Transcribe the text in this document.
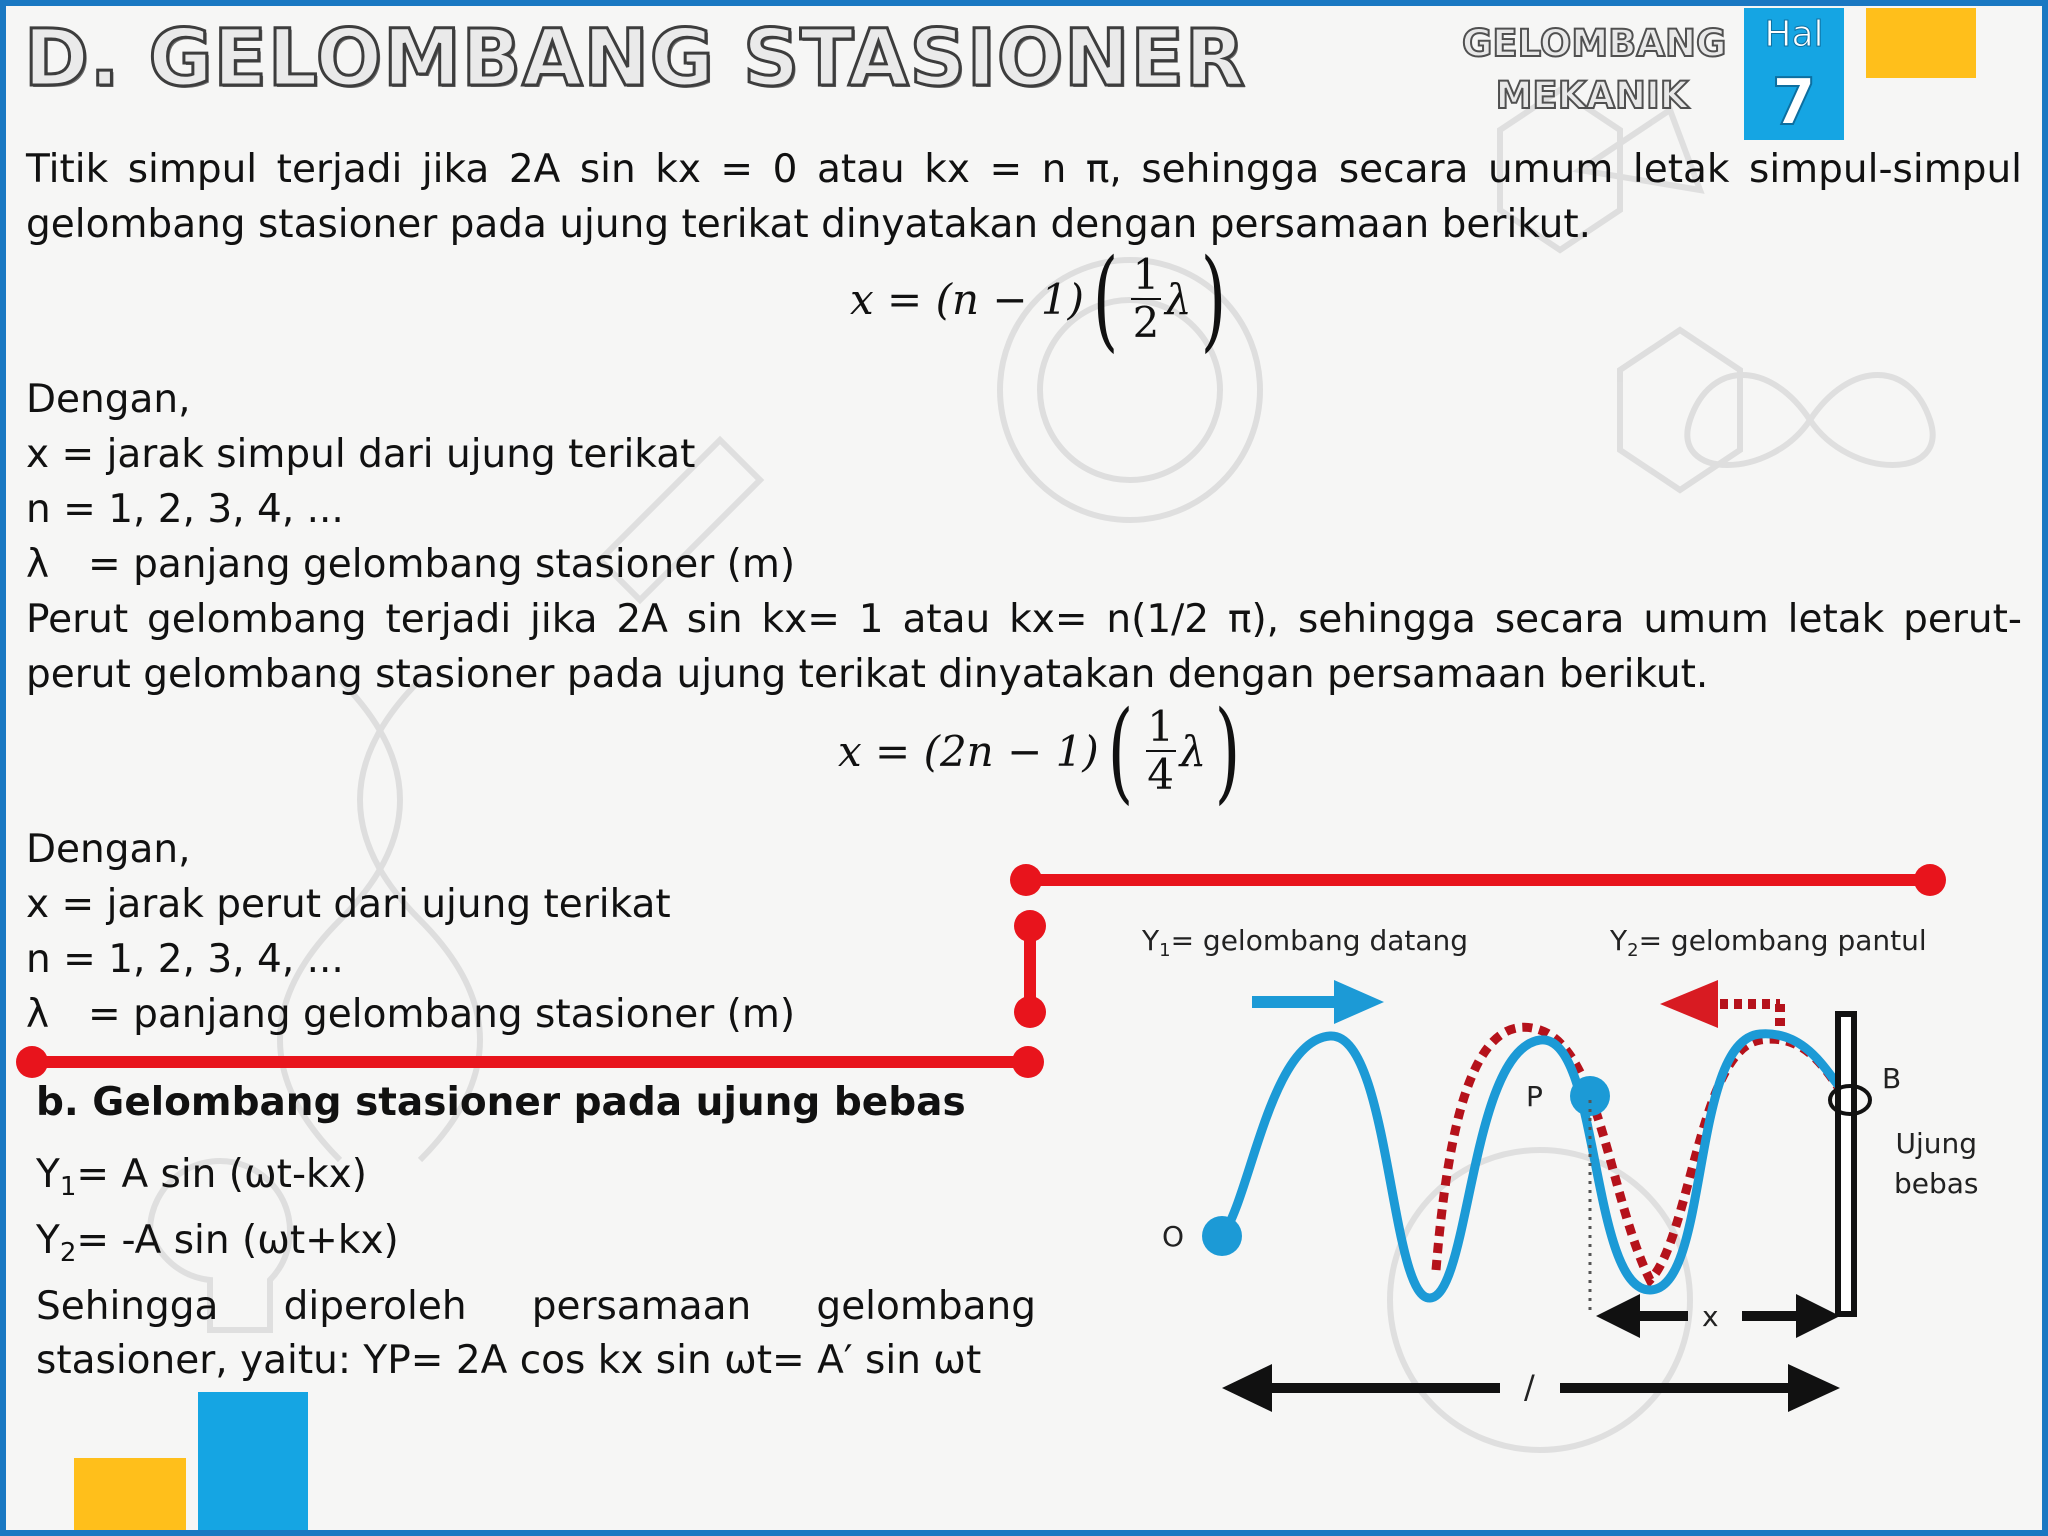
D. GELOMBANG STASIONER	GELOMBANG
MEKANIK
Hal
7
Titik simpul terjadi jika 2A sin kx = 0 atau kx = n π, sehingga secara umum letak simpul-simpul gelombang stasioner pada ujung terikat dinyatakan dengan persamaan berikut.
x = (n − 1) ( $\frac{1}{2}$ λ )
Dengan,
x = jarak simpul dari ujung terikat
n = 1, 2, 3, 4, ...
λ = panjang gelombang stasioner (m)
Perut gelombang terjadi jika 2A sin kx= 1 atau kx= n(1/2 π), sehingga secara umum letak perut-perut gelombang stasioner pada ujung terikat dinyatakan dengan persamaan berikut.
x = (2n − 1) ( $\frac{1}{4}$ λ )
Dengan,
x = jarak perut dari ujung terikat
n = 1, 2, 3, 4, ...
λ = panjang gelombang stasioner (m)
b. Gelombang stasioner pada ujung bebas
$Y_1= A$ sin (ωt-kx)
$Y_2= -A$ sin (ωt+kx)
Sehingga diperoleh persamaan gelombang
stasioner, yaitu: YP= 2A cos kx sin ωt= A′ sin ωt
$Y_1=$ gelombang datang	$Y_2=$ gelombang pantul
O
P
B
Ujung
bebas
x
/
